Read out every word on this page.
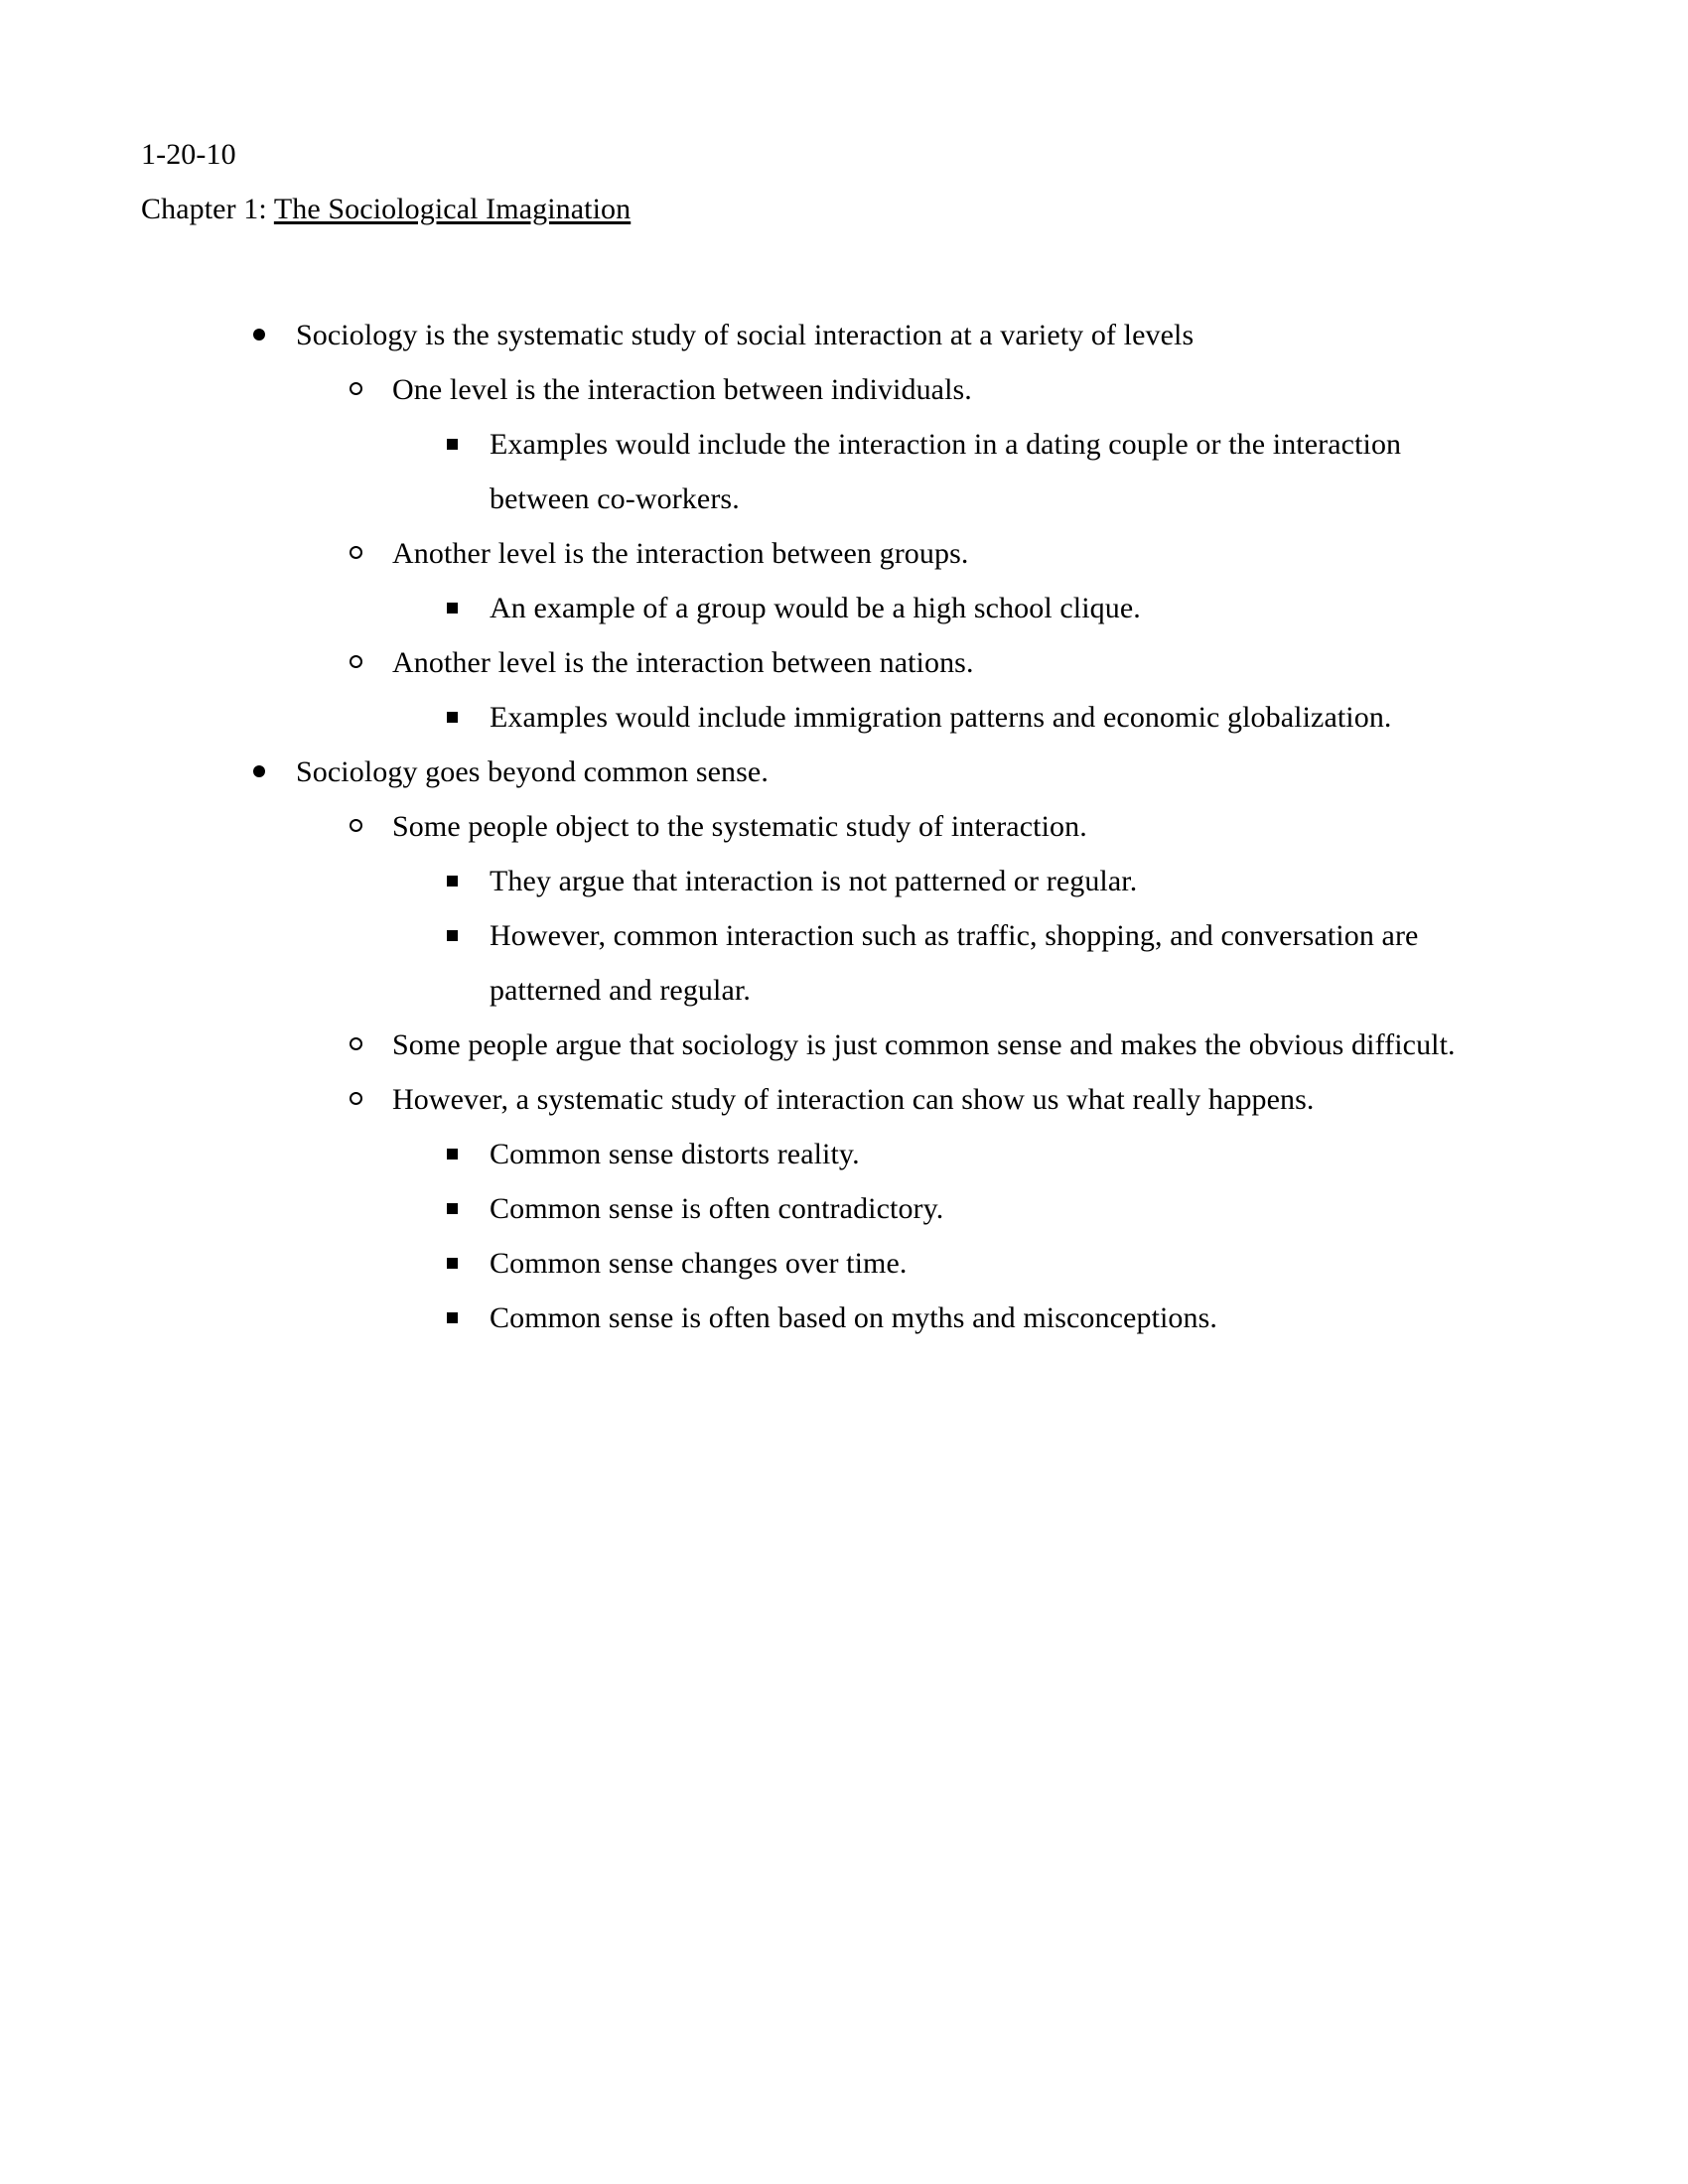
1-20-10
Chapter 1: The Sociological Imagination
Sociology is the systematic study of social interaction at a variety of levels
One level is the interaction between individuals.
Examples would include the interaction in a dating couple or the interaction between co-workers.
Another level is the interaction between groups.
An example of a group would be a high school clique.
Another level is the interaction between nations.
Examples would include immigration patterns and economic globalization.
Sociology goes beyond common sense.
Some people object to the systematic study of interaction.
They argue that interaction is not patterned or regular.
However, common interaction such as traffic, shopping, and conversation are patterned and regular.
Some people argue that sociology is just common sense and makes the obvious difficult.
However, a systematic study of interaction can show us what really happens.
Common sense distorts reality.
Common sense is often contradictory.
Common sense changes over time.
Common sense is often based on myths and misconceptions.
